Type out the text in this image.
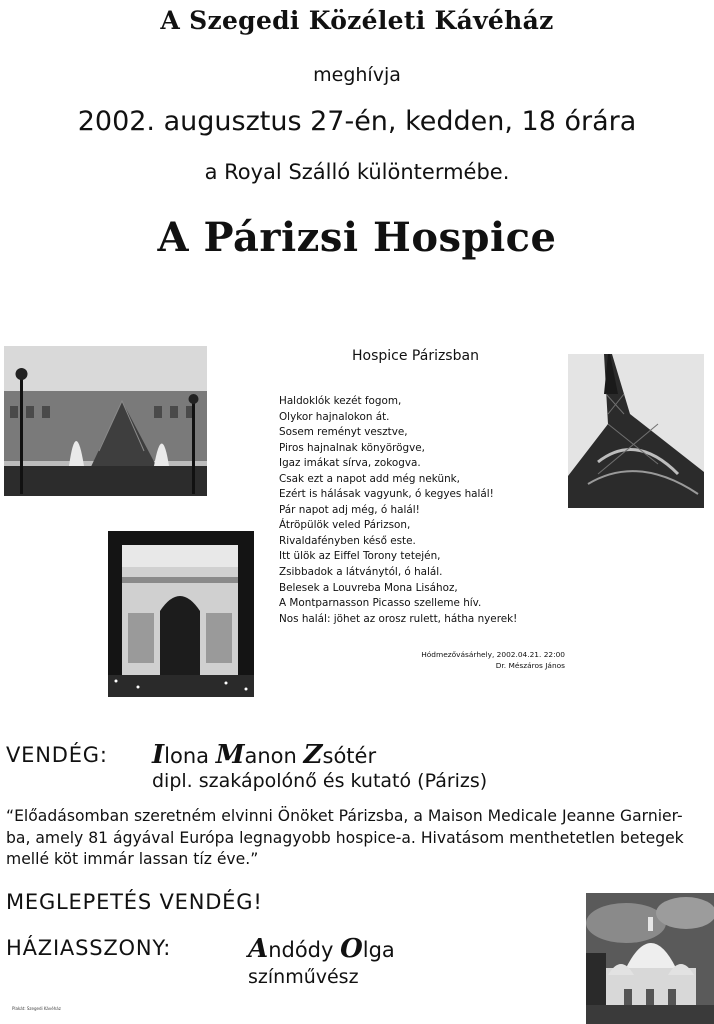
A Szegedi Közéleti Kávéház
meghívja
2002. augusztus 27-én, kedden, 18 órára
a Royal Szálló különtermébe.
A Párizsi Hospice
Hospice Párizsban
Haldoklók kezét fogom,
Olykor hajnalokon át.
Sosem reményt vesztve,
Piros hajnalnak könyörögve,
Igaz imákat sírva, zokogva.
Csak ezt a napot add még nekünk,
Ezért is hálásak vagyunk, ó kegyes halál!
Pár napot adj még, ó halál!
Átröpülök veled Párizson,
Rivaldafényben késő este.
Itt ülök az Eiffel Torony tetején,
Zsibbadok a látványtól, ó halál.
Belesek a Louvreba Mona Lisához,
A Montparnasson Picasso szelleme hív.
Nos halál: jöhet az orosz rulett, hátha nyerek!
Hódmezővásárhely, 2002.04.21. 22:00
Dr. Mészáros János
VENDÉG: Ilona Manon Zsótér
dipl. szakápolónő és kutató (Párizs)
“Előadásomban szeretném elvinni Önöket Párizsba, a Maison Medicale Jeanne Garnier-ba, amely 81 ágyával Európa legnagyobb hospice-a. Hivatásom menthetetlen betegek mellé köt immár lassan tíz éve.”
MEGLEPETÉS VENDÉG!
HÁZIASSZONY:	Andódy Olga
színművész
Plakát: Szegedi Kávéház
